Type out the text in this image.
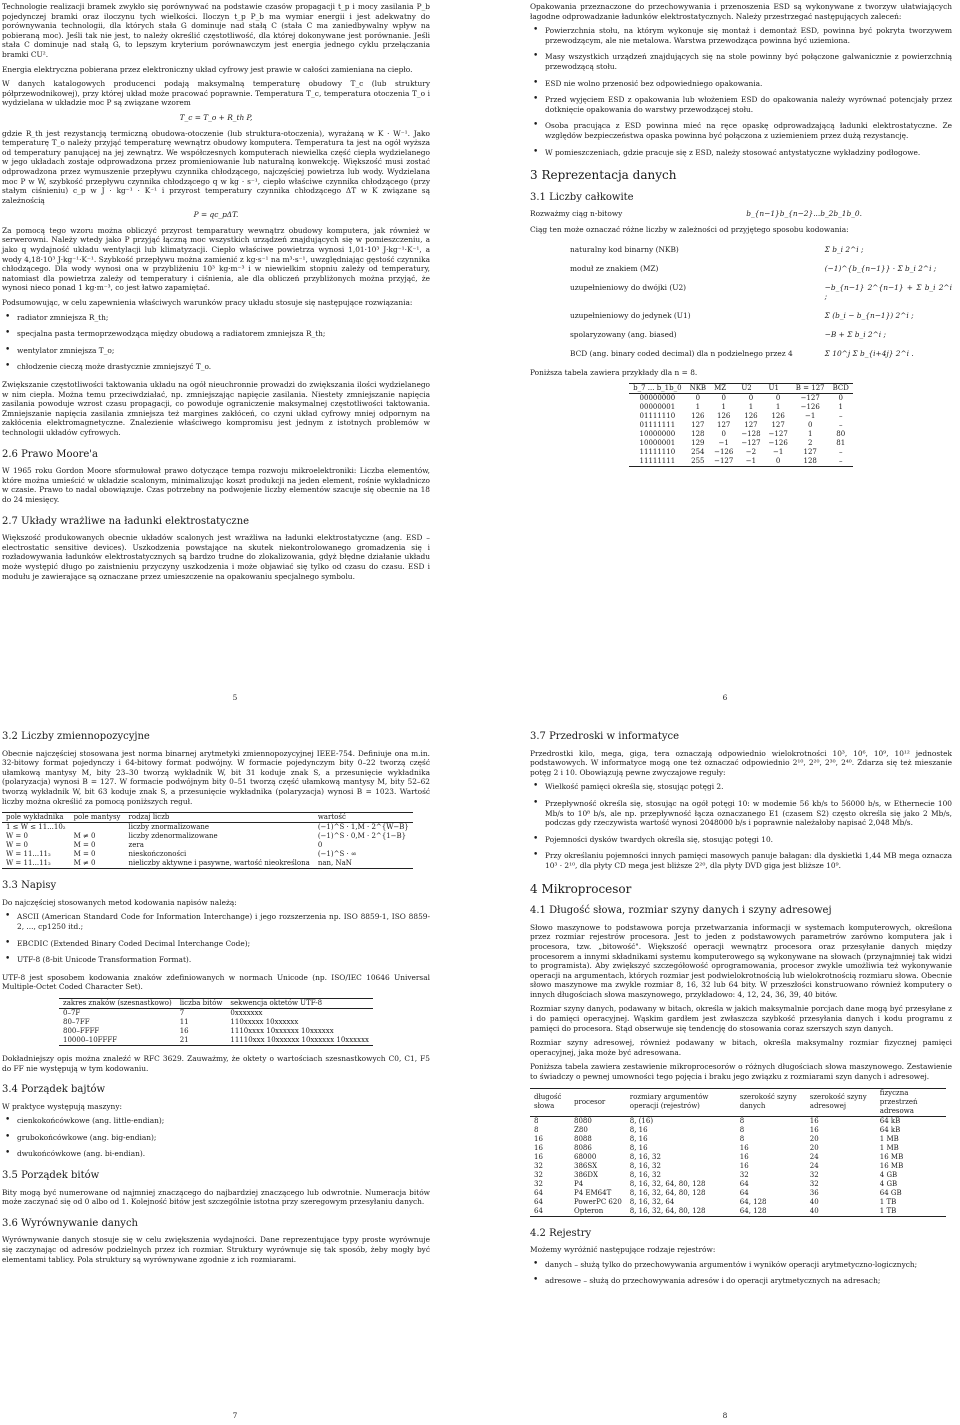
Technologie realizacji bramek zwykło się porównywać na podstawie czasów propagacji t_p i mocy zasilania P_b pojedynczej bramki oraz iloczynu tych wielkości. Iloczyn t_p P_b ma wymiar energii i jest adekwatny do porównywania technologii, dla których stała G dominuje nad stałą C (stała C ma zaniedbywalny wpływ na pobieraną moc). Jeśli tak nie jest, to należy określić częstotliwość, dla której dokonywane jest porównanie. Jeśli stała C dominuje nad stałą G, to lepszym kryterium porównawczym jest energia jednego cyklu przełączania bramki CU².

Energia elektryczna pobierana przez elektroniczny układ cyfrowy jest prawie w całości zamieniana na ciepło.

W danych katalogowych producenci podają maksymalną temperaturę obudowy T_c (lub struktury półprzewodnikowej), przy której układ może pracować poprawnie. Temperatura T_c, temperatura otoczenia T_o i wydzielana w układzie moc P są związane wzorem

T_c = T_o + R_th P,

gdzie R_th jest rezystancją termiczną obudowa-otoczenie (lub struktura-otoczenia), wyrażaną w K · W⁻¹. Jako temperaturę T_o należy przyjąć temperaturę wewnątrz obudowy komputera. Temperatura ta jest na ogół wyższa od temperatury panującej na jej zewnątrz. We współczesnych komputerach niewielka część ciepła wydzielanego w jego układach zostaje odprowadzona przez promieniowanie lub naturalną konwekcję. Większość musi zostać odprowadzona przez wymuszenie przepływu czynnika chłodzącego, najczęściej powietrza lub wody. Wydzielana moc P w W, szybkość przepływu czynnika chłodzącego q w kg · s⁻¹, ciepło właściwe czynnika chłodzącego (przy stałym ciśnieniu) c_p w J · kg⁻¹ · K⁻¹ i przyrost temperatury czynnika chłodzącego ΔT w K związane są zależnością

P = qc_pΔT.

Za pomocą tego wzoru można obliczyć przyrost temparatury wewnątrz obudowy komputera, jak również w serwerowni. Należy wtedy jako P przyjąć łączną moc wszystkich urządzeń znajdujących się w pomieszczeniu, a jako q wydajność układu wentylacji lub klimatyzacji. Ciepło właściwe powietrza wynosi 1,01·10³ J·kg⁻¹·K⁻¹, a wody 4,18·10³ J·kg⁻¹·K⁻¹. Szybkość przepływu można zamienić z kg·s⁻¹ na m³·s⁻¹, uwzględniając gęstość czynnika chłodzącego. Dla wody wynosi ona w przybliżeniu 10³ kg·m⁻³ i w niewielkim stopniu zależy od temperatury, natomiast dla powietrza zależy od temperatury i ciśnienia, ale dla obliczeń przybliżonych można przyjąć, że wynosi nieco ponad 1 kg·m⁻³, co jest łatwo zapamiętać.

Podsumowując, w celu zapewnienia właściwych warunków pracy układu stosuje się następujące rozwiązania:

• radiator zmniejsza R_th;
• specjalna pasta termoprzewodząca między obudową a radiatorem zmniejsza R_th;
• wentylator zmniejsza T_o;
• chłodzenie cieczą może drastycznie zmniejszyć T_o.

Zwiększanie częstotliwości taktowania układu na ogół nieuchronnie prowadzi do zwiększania ilości wydzielanego w nim ciepła. Można temu przeciwdziałać, np. zmniejszając napięcie zasilania. Niestety zmniejszanie napięcia zasilania powoduje wzrost czasu propagacji, co powoduje ograniczenie maksymalnej częstotliwości taktowania. Zmniejszanie napięcia zasilania zmniejsza też margines zakłóceń, co czyni układ cyfrowy mniej odpornym na zakłócenia elektromagnetyczne. Znalezienie właściwego kompromisu jest jednym z istotnych problemów w technologii układów cyfrowych.

2.6 Prawo Moore'a

W 1965 roku Gordon Moore sformułował prawo dotyczące tempa rozwoju mikroelektroniki: Liczba elementów, które można umieścić w układzie scalonym, minimalizując koszt produkcji na jeden element, rośnie wykładniczo w czasie. Prawo to nadal obowiązuje. Czas potrzebny na podwojenie liczby elementów szacuje się obecnie na 18 do 24 miesięcy.

2.7 Układy wrażliwe na ładunki elektrostatyczne

Większość produkowanych obecnie układów scalonych jest wrażliwa na ładunki elektrostatyczne (ang. ESD – electrostatic sensitive devices). Uszkodzenia powstające na skutek niekontrolowanego gromadzenia się i rozładowywania ładunków elektrostatycznych są bardzo trudne do zlokalizowania, gdyż błędne działanie układu może występić długo po zaistnieniu przyczyny uszkodzenia i może objawiać się tylko od czasu do czasu. ESD i modułu je zawierające są oznaczane przez umieszczenie na opakowaniu specjalnego symbolu.

5

Opakowania przeznaczone do przechowywania i przenoszenia ESD są wykonywane z tworzyw ułatwiających łagodne odprowadzanie ładunków elektrostatycznych. Należy przestrzegać następujących zaleceń:

• Powierzchnia stołu, na którym wykonuje się montaż i demontaż ESD, powinna być pokryta tworzywem przewodzącym, ale nie metalowa. Warstwa przewodząca powinna być uziemiona.
• Masy wszystkich urządzeń znajdujących się na stole powinny być połączone galwanicznie z powierzchnią przewodzącą stołu.
• ESD nie wolno przenosić bez odpowiedniego opakowania.
• Przed wyjęciem ESD z opakowania lub włożeniem ESD do opakowania należy wyrównać potencjały przez dotknięcie opakowania do warstwy przewodzącej stołu.
• Osoba pracująca z ESD powinna mieć na ręce opaskę odprowadzającą ładunki elektrostatyczne. Ze względów bezpieczeństwa opaska powinna być połączona z uziemieniem przez dużą rezystancję.
• W pomieszczeniach, gdzie pracuje się z ESD, należy stosować antystatyczne wykładziny podłogowe.
3 Reprezentacja danych
3.1 Liczby całkowite
Rozważmy ciąg n-bitowy	b_{n−1}b_{n−2}...b_2b_1b_0.

Ciąg ten może oznaczać różne liczby w zależności od przyjętego sposobu kodowania:

naturalny kod binarny (NKB)	Σ b_i 2^i ;
moduł ze znakiem (MZ)	(−1)^{b_{n−1}} · Σ b_i 2^i ;
uzupełnieniowy do dwójki (U2)	−b_{n−1} 2^{n−1} + Σ b_i 2^i ;
uzupełnieniowy do jedynek (U1)	Σ (b_i − b_{n−1}) 2^i ;
spolaryzowany (ang. biased)	−B + Σ b_i 2^i ;
BCD (ang. binary coded decimal) dla n podzielnego przez 4	Σ 10^j Σ b_{i+4j} 2^i .

Poniższa tabela zawiera przykłady dla n = 8.

b_7 ... b_1b_0	NKB	MZ	U2	U1	B = 127	BCD
00000000	0	0	0	0	−127	0
00000001	1	1	1	1	−126	1
01111110	126	126	126	126	−1	–
01111111	127	127	127	127	0	–
10000000	128	0	−128	−127	1	80
10000001	129	−1	−127	−126	2	81
11111110	254	−126	−2	−1	127	–
11111111	255	−127	−1	0	128	–
6
3.2 Liczby zmiennopozycyjne

Obecnie najczęściej stosowana jest norma binarnej arytmetyki zmiennopozycyjnej IEEE-754. Definiuje ona m.in. 32-bitowy format pojedynczy i 64-bitowy format podwójny. W formacie pojedynczym bity 0–22 tworzą część ułamkową mantysy M, bity 23–30 tworzą wykładnik W, bit 31 koduje znak S, a przesunięcie wykładnika (polaryzacja) wynosi B = 127. W formacie podwójnym bity 0–51 tworzą część ułamkową mantysy M, bity 52–62 tworzą wykładnik W, bit 63 koduje znak S, a przesunięcie wykładnika (polaryzacja) wynosi B = 1023. Wartość liczby można określić za pomocą poniższych reguł.

pole wykładnika	pole mantysy	rodzaj liczb	wartość
1 ≤ W ≤ 11...10₂		liczby znormalizowane	(−1)^S · 1,M · 2^{W−B}
W = 0	M ≠ 0	liczby zdenormalizowane	(−1)^S · 0,M · 2^{1−B}
W = 0	M = 0	zera	0
W = 11...11₂	M = 0	nieskończoności	(−1)^S · ∞
W = 11...11₂	M ≠ 0	nieliczby aktywne i pasywne, wartość nieokreślona	nan, NaN
3.3 Napisy

Do najczęściej stosowanych metod kodowania napisów należą:

• ASCII (American Standard Code for Information Interchange) i jego rozszerzenia np. ISO 8859-1, ISO 8859-2, ..., cp1250 itd.;
• EBCDIC (Extended Binary Coded Decimal Interchange Code);
• UTF-8 (8-bit Unicode Transformation Format).

UTF-8 jest sposobem kodowania znaków zdefiniowanych w normach Unicode (np. ISO/IEC 10646 Universal Multiple-Octet Coded Character Set).

zakres znaków (szesnastkowo)	liczba bitów	sekwencja oktetów UTF-8
0–7F	7	0xxxxxxx
80–7FF	11	110xxxxx 10xxxxxx
800–FFFF	16	1110xxxx 10xxxxxx 10xxxxxx
10000–10FFFF	21	11110xxx 10xxxxxx 10xxxxxx 10xxxxxx

Dokładniejszy opis można znaleźć w RFC 3629. Zauważmy, że oktety o wartościach szesnastkowych C0, C1, F5 do FF nie występują w tym kodowaniu.

3.4 Porządek bajtów

W praktyce występują maszyny:

• cienkokońcówkowe (ang. little-endian);
• grubokońcówkowe (ang. big-endian);
• dwukońcówkowe (ang. bi-endian).
3.5 Porządek bitów

Bity mogą być numerowane od najmniej znaczącego do najbardziej znaczącego lub odwrotnie. Numeracja bitów może zaczynać się od 0 albo od 1. Kolejność bitów jest szczególnie istotna przy szeregowym przesyłaniu danych.

3.6 Wyrównywanie danych

Wyrównywanie danych stosuje się w celu zwiększenia wydajności. Dane reprezentujące typy proste wyrównuje się zaczynając od adresów podzielnych przez ich rozmiar. Struktury wyrównuje się tak sposób, żeby mogły być elementami tablicy. Pola struktury są wyrównywane zgodnie z ich rozmiarami.

7
3.7 Przedroski w informatyce

Przedrostki kilo, mega, giga, tera oznaczają odpowiednio wielokrotności 10³, 10⁶, 10⁹, 10¹² jednostek podstawowych. W informatyce mogą one też oznaczać odpowiednio 2¹⁰, 2²⁰, 2³⁰, 2⁴⁰. Zdarza się też mieszanie potęg 2 i 10. Obowiązują pewne zwyczajowe reguły:

• Wielkość pamięci określa się, stosując potęgi 2.
• Przepływność określa się, stosując na ogół potęgi 10: w modemie 56 kb/s to 56000 b/s, w Ethernecie 100 Mb/s to 10⁸ b/s, ale np. przepływność łącza oznaczanego E1 (czasem S2) często określa się jako 2 Mb/s, podczas gdy rzeczywista wartość wynosi 2048000 b/s i poprawnie należałoby napisać 2,048 Mb/s.
• Pojemności dysków twardych określa się, stosując potęgi 10.
• Przy określaniu pojemności innych pamięci masowych panuje bałagan: dla dyskietki 1,44 MB mega oznacza 10³ · 2¹⁰, dla płyty CD mega jest bliższe 2²⁰, dla płyty DVD giga jest bliższe 10⁹.
4 Mikroprocesor
4.1 Długość słowa, rozmiar szyny danych i szyny adresowej

Słowo maszynowe to podstawowa porcja przetwarzania informacji w systemach komputerowych, określona przez rozmiar rejestrów procesora. Jest to jeden z podstawowych parametrów zarówno komputera jak i procesora, tzw. „bitowość". Większość operacji wewnątrz procesora oraz przesyłanie danych między procesorem a innymi składnikami systemu komputerowego są wykonywane na słowach (przynajmniej tak widzi to programista). Aby zwiększyć szczegółowość oprogramowania, procesor zwykle umożliwia też wykonywanie operacji na argumentach, których rozmiar jest podwielokrotnością lub wielokrotnością rozmiaru słowa. Obecnie słowo maszynowe ma zwykle rozmiar 8, 16, 32 lub 64 bity. W przeszłości konstruowano również komputery o innych długościach słowa maszynowego, przykładowo: 4, 12, 24, 36, 39, 40 bitów.

Rozmiar szyny danych, podawany w bitach, określa w jakich maksymalnie porcjach dane mogą być przesyłane z i do pamięci operacyjnej. Wąskim gardłem jest zwłaszcza szybkość przesyłania danych i kodu programu z pamięci do procesora. Stąd obserwuje się tendencję do stosowania coraz szerszych szyn danych.

Rozmiar szyny adresowej, również podawany w bitach, określa maksymalny rozmiar fizycznej pamięci operacyjnej, jaka może być adresowana.

Poniższa tabela zawiera zestawienie mikroprocesorów o różnych długościach słowa maszynowego. Zestawienie to świadczy o pewnej umowności tego pojęcia i braku jego związku z rozmiarami szyn danych i adresowej.

długość słowa	procesor	rozmiary argumentów operacji (rejestrów)	szerokość szyny danych	szerokość szyny adresowej	fizyczna przestrzeń adresowa
8	8080	8, (16)	8	16	64 kB
8	Z80	8, 16	8	16	64 kB
16	8088	8, 16	8	20	1 MB
16	8086	8, 16	16	20	1 MB
16	68000	8, 16, 32	16	24	16 MB
32	386SX	8, 16, 32	16	24	16 MB
32	386DX	8, 16, 32	32	32	4 GB
32	P4	8, 16, 32, 64, 80, 128	64	32	4 GB
64	P4 EM64T	8, 16, 32, 64, 80, 128	64	36	64 GB
64	PowerPC 620	8, 16, 32, 64	64, 128	40	1 TB
64	Opteron	8, 16, 32, 64, 80, 128	64, 128	40	1 TB
4.2 Rejestry

Możemy wyróżnić następujące rodzaje rejestrów:

• danych – służą tylko do przechowywania argumentów i wyników operacji arytmetyczno-logicznych;
• adresowe – służą do przechowywania adresów i do operacji arytmetycznych na adresach;
8
